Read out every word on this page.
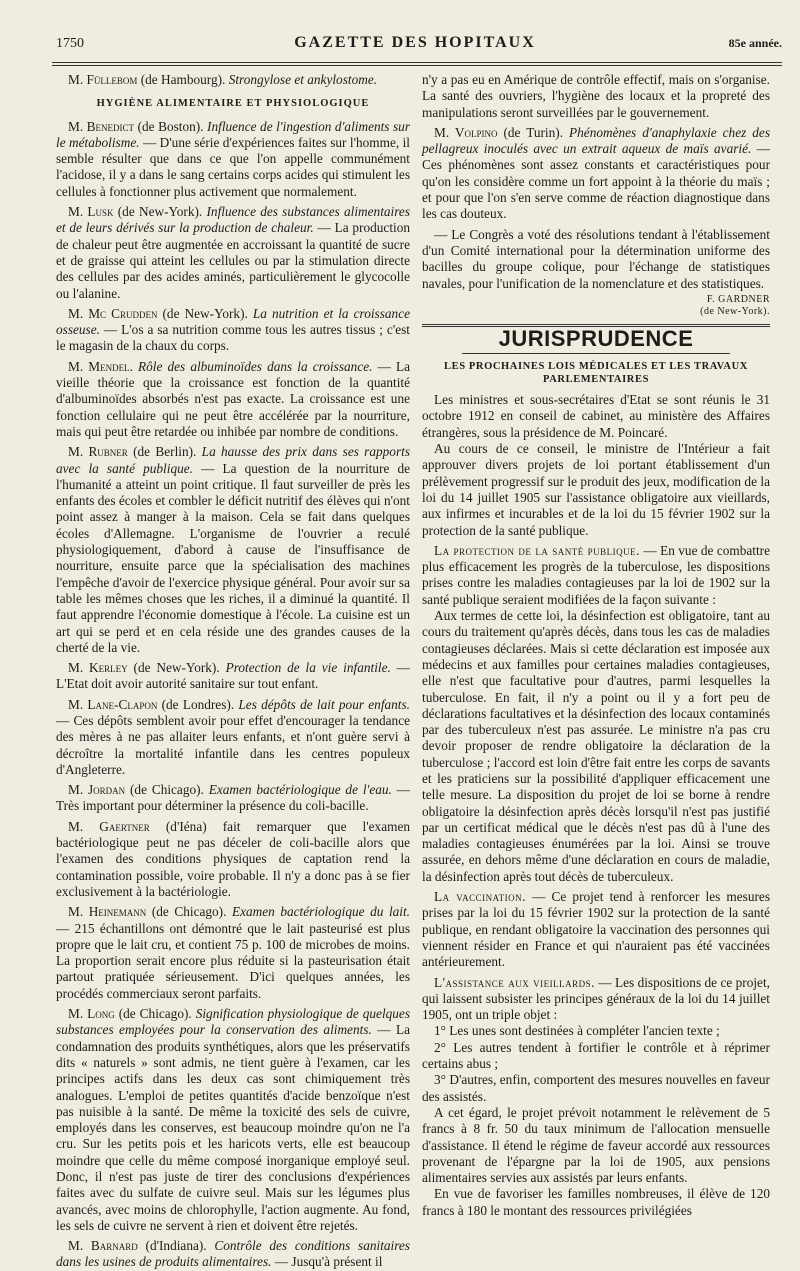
1750	GAZETTE DES HOPITAUX	85e année.

M. Füllebom (de Hambourg). Strongylose et ankylostome.

HYGIÈNE ALIMENTAIRE ET PHYSIOLOGIQUE

M. Benedict (de Boston). Influence de l'ingestion d'aliments sur le métabolisme. — D'une série d'expériences faites sur l'homme, il semble résulter que dans ce que l'on appelle communément l'acidose, il y a dans le sang certains corps acides qui stimulent les cellules à fonctionner plus activement que normalement.

M. Lusk (de New-York). Influence des substances alimentaires et de leurs dérivés sur la production de chaleur. — La production de chaleur peut être augmentée en accroissant la quantité de sucre et de graisse qui atteint les cellules ou par la stimulation directe des cellules par des acides aminés, particulièrement le glycocolle ou l'alanine.

M. Mc Crudden (de New-York). La nutrition et la croissance osseuse. — L'os a sa nutrition comme tous les autres tissus ; c'est le magasin de la chaux du corps.

M. Mendel. Rôle des albuminoïdes dans la croissance. — La vieille théorie que la croissance est fonction de la quantité d'albuminoïdes absorbés n'est pas exacte. La croissance est une fonction cellulaire qui ne peut être accélérée par la nourriture, mais qui peut être retardée ou inhibée par nombre de conditions.

M. Rubner (de Berlin). La hausse des prix dans ses rapports avec la santé publique. — La question de la nourriture de l'humanité a atteint un point critique. Il faut surveiller de près les enfants des écoles et combler le déficit nutritif des élèves qui n'ont point assez à manger à la maison. Cela se fait dans quelques écoles d'Allemagne. L'organisme de l'ouvrier a reculé physiologiquement, d'abord à cause de l'insuffisance de nourriture, ensuite parce que la spécialisation des machines l'empêche d'avoir de l'exercice physique général. Pour avoir sur sa table les mêmes choses que les riches, il a diminué la quantité. Il faut apprendre l'économie domestique à l'école. La cuisine est un art qui se perd et en cela réside une des grandes causes de la cherté de la vie.

M. Kerley (de New-York). Protection de la vie infantile. — L'Etat doit avoir autorité sanitaire sur tout enfant.

M. Lane-Clapon (de Londres). Les dépôts de lait pour enfants. — Ces dépôts semblent avoir pour effet d'encourager la tendance des mères à ne pas allaiter leurs enfants, et n'ont guère servi à décroître la mortalité infantile dans les centres populeux d'Angleterre.

M. Jordan (de Chicago). Examen bactériologique de l'eau. — Très important pour déterminer la présence du coli-bacille.

M. Gaertner (d'Iéna) fait remarquer que l'examen bactériologique peut ne pas déceler de coli-bacille alors que l'examen des conditions physiques de captation rend la contamination possible, voire probable. Il n'y a donc pas à se fier exclusivement à la bactériologie.

M. Heinemann (de Chicago). Examen bactériologique du lait. — 215 échantillons ont démontré que le lait pasteurisé est plus propre que le lait cru, et contient 75 p. 100 de microbes de moins. La proportion serait encore plus réduite si la pasteurisation était partout pratiquée sérieusement. D'ici quelques années, les procédés commerciaux seront parfaits.

M. Long (de Chicago). Signification physiologique de quelques substances employées pour la conservation des aliments. — La condamnation des produits synthétiques, alors que les préservatifs dits « naturels » sont admis, ne tient guère à l'examen, car les principes actifs dans les deux cas sont chimiquement très analogues. L'emploi de petites quantités d'acide benzoïque n'est pas nuisible à la santé. De même la toxicité des sels de cuivre, employés dans les conserves, est beaucoup moindre qu'on ne l'a cru. Sur les petits pois et les haricots verts, elle est beaucoup moindre que celle du même composé inorganique employé seul. Donc, il n'est pas juste de tirer des conclusions d'expériences faites avec du sulfate de cuivre seul. Mais sur les légumes plus avancés, avec moins de chlorophylle, l'action augmente. Au fond, les sels de cuivre ne servent à rien et doivent être rejetés.

M. Barnard (d'Indiana). Contrôle des conditions sanitaires dans les usines de produits alimentaires. — Jusqu'à présent il

n'y a pas eu en Amérique de contrôle effectif, mais on s'organise. La santé des ouvriers, l'hygiène des locaux et la propreté des manipulations seront surveillées par le gouvernement.

M. Volpino (de Turin). Phénomènes d'anaphylaxie chez des pellagreux inoculés avec un extrait aqueux de maïs avarié. — Ces phénomènes sont assez constants et caractéristiques pour qu'on les considère comme un fort appoint à la théorie du maïs ; et pour que l'on s'en serve comme de réaction diagnostique dans les cas douteux.

— Le Congrès a voté des résolutions tendant à l'établissement d'un Comité international pour la détermination uniforme des bacilles du groupe colique, pour l'échange de statistiques navales, pour l'unification de la nomenclature et des statistiques.

F. GARDNER
(de New-York).
JURISPRUDENCE
LES PROCHAINES LOIS MÉDICALES ET LES TRAVAUX PARLEMENTAIRES

Les ministres et sous-secrétaires d'Etat se sont réunis le 31 octobre 1912 en conseil de cabinet, au ministère des Affaires étrangères, sous la présidence de M. Poincaré.

Au cours de ce conseil, le ministre de l'Intérieur a fait approuver divers projets de loi portant établissement d'un prélèvement progressif sur le produit des jeux, modification de la loi du 14 juillet 1905 sur l'assistance obligatoire aux vieillards, aux infirmes et incurables et de la loi du 15 février 1902 sur la protection de la santé publique.

La protection de la santé publique. — En vue de combattre plus efficacement les progrès de la tuberculose, les dispositions prises contre les maladies contagieuses par la loi de 1902 sur la santé publique seraient modifiées de la façon suivante :

Aux termes de cette loi, la désinfection est obligatoire, tant au cours du traitement qu'après décès, dans tous les cas de maladies contagieuses déclarées. Mais si cette déclaration est imposée aux médecins et aux familles pour certaines maladies contagieuses, elle n'est que facultative pour d'autres, parmi lesquelles la tuberculose. En fait, il n'y a point ou il y a fort peu de déclarations facultatives et la désinfection des locaux contaminés par des tuberculeux n'est pas assurée. Le ministre n'a pas cru devoir proposer de rendre obligatoire la déclaration de la tuberculose ; l'accord est loin d'être fait entre les corps de savants et les praticiens sur la possibilité d'appliquer efficacement une telle mesure. La disposition du projet de loi se borne à rendre obligatoire la désinfection après décès lorsqu'il n'est pas justifié par un certificat médical que le décès n'est pas dû à l'une des maladies contagieuses énumérées par la loi. Ainsi se trouve assurée, en dehors même d'une déclaration en cours de maladie, la désinfection après tout décès de tuberculeux.

La vaccination. — Ce projet tend à renforcer les mesures prises par la loi du 15 février 1902 sur la protection de la santé publique, en rendant obligatoire la vaccination des personnes qui viennent résider en France et qui n'auraient pas été vaccinées antérieurement.

L'assistance aux vieillards. — Les dispositions de ce projet, qui laissent subsister les principes généraux de la loi du 14 juillet 1905, ont un triple objet :

1° Les unes sont destinées à compléter l'ancien texte ;

2° Les autres tendent à fortifier le contrôle et à réprimer certains abus ;

3° D'autres, enfin, comportent des mesures nouvelles en faveur des assistés.

A cet égard, le projet prévoit notamment le relèvement de 5 francs à 8 fr. 50 du taux minimum de l'allocation mensuelle d'assistance. Il étend le régime de faveur accordé aux ressources provenant de l'épargne par la loi de 1905, aux pensions alimentaires servies aux assistés par leurs enfants.

En vue de favoriser les familles nombreuses, il élève de 120 francs à 180 le montant des ressources privilégiées
